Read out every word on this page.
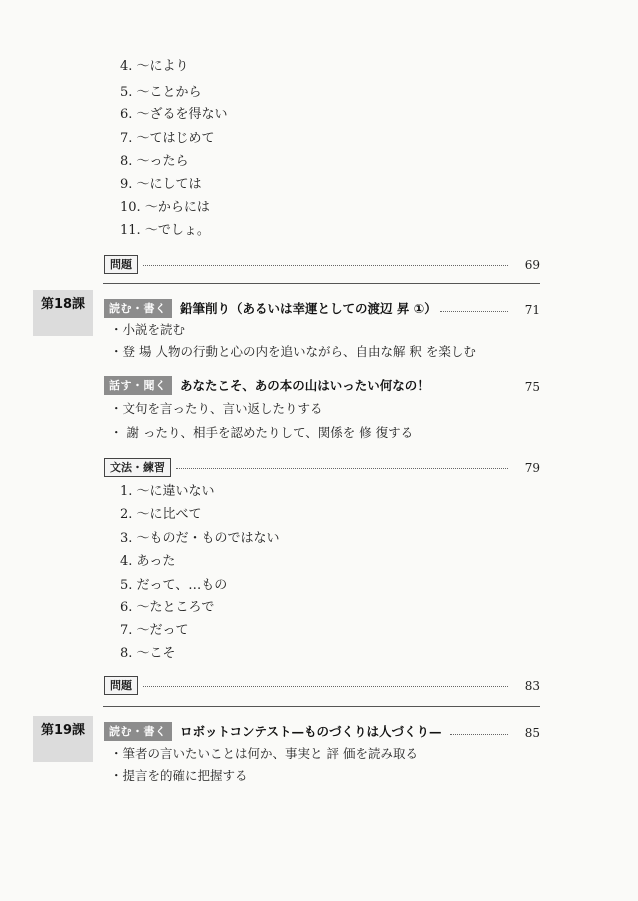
4. 〜により
5. 〜ことから
6. 〜ざるを得ない
7. 〜てはじめて
8. 〜ったら
9. 〜にしては
10. 〜からには
11. 〜でしょ。
問題	69
第18課	読む・書く	鉛筆削り（あるいは幸運としての渡辺 昇 ①）	71
・小説を読む
・登 場 人物の行動と心の内を追いながら、自由な解 釈 を楽しむ
話す・聞く	あなたこそ、あの本の山はいったい何なの！	75
・文句を言ったり、言い返したりする
・ 謝 ったり、相手を認めたりして、関係を 修 復する
文法・練習	79
1. 〜に違いない
2. 〜に比べて
3. 〜ものだ・ものではない
4. あった
5. だって、…もの
6. 〜たところで
7. 〜だって
8. 〜こそ
問題	83
第19課	読む・書く	ロボットコンテスト—ものづくりは人づくり—	85
・筆者の言いたいことは何か、事実と 評 価を読み取る
・提言を的確に把握する
